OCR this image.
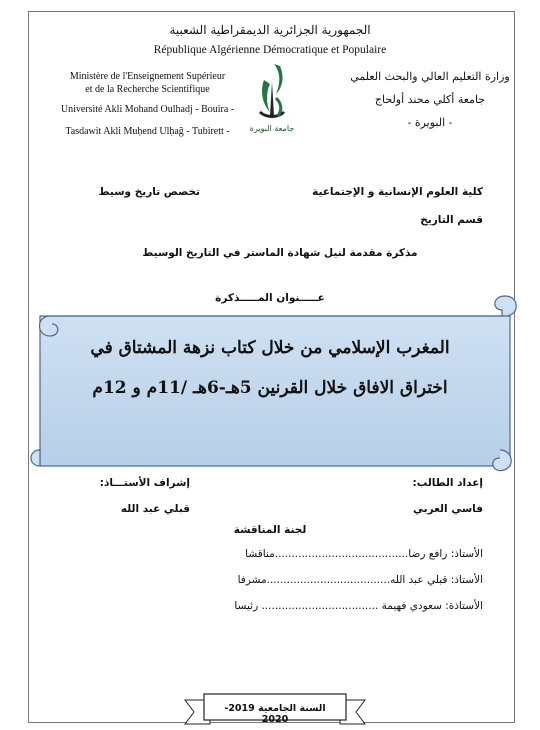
الجمهورية الجزائرية الديمقراطية الشعبية
République Algérienne Démocratique et Populaire
Ministère de l'Enseignement Supérieur
et de la Recherche Scientifique
Université Akli Mohand Oulhadj - Bouira -
Tasdawit Akli Muḥend Ulḥağ - Tubirett -
وزارة التعليم العالي والبحث العلمي
جامعة أكلي محند أولحاج
- البويرة -
جامعة البويرة
كلية العلوم الإنسانية و الإجتماعية
تخصص تاريخ وسيط
قسم التاريخ
مذكرة مقدمة لنيل شهادة الماستر في التاريخ الوسيط
عـــــنوان المـــــذكرة
المغرب الإسلامي من خلال كتاب نزهة المشتاق في
اختراق الافاق خلال القرنين 5هـ-6هـ /11م و 12م
إعداد الطالب:
إشراف الأستـــاذ:
فاسي العربي
قبلي عبد الله
لجنة المناقشة
الأستاذ: رافع رضا........................................مناقشا
الأستاذ: قبلي عبد الله.....................................مشرفا
الأستاذة: سعودي فهيمة ................................... رئيسا
السنة الجامعية 2019-2020
